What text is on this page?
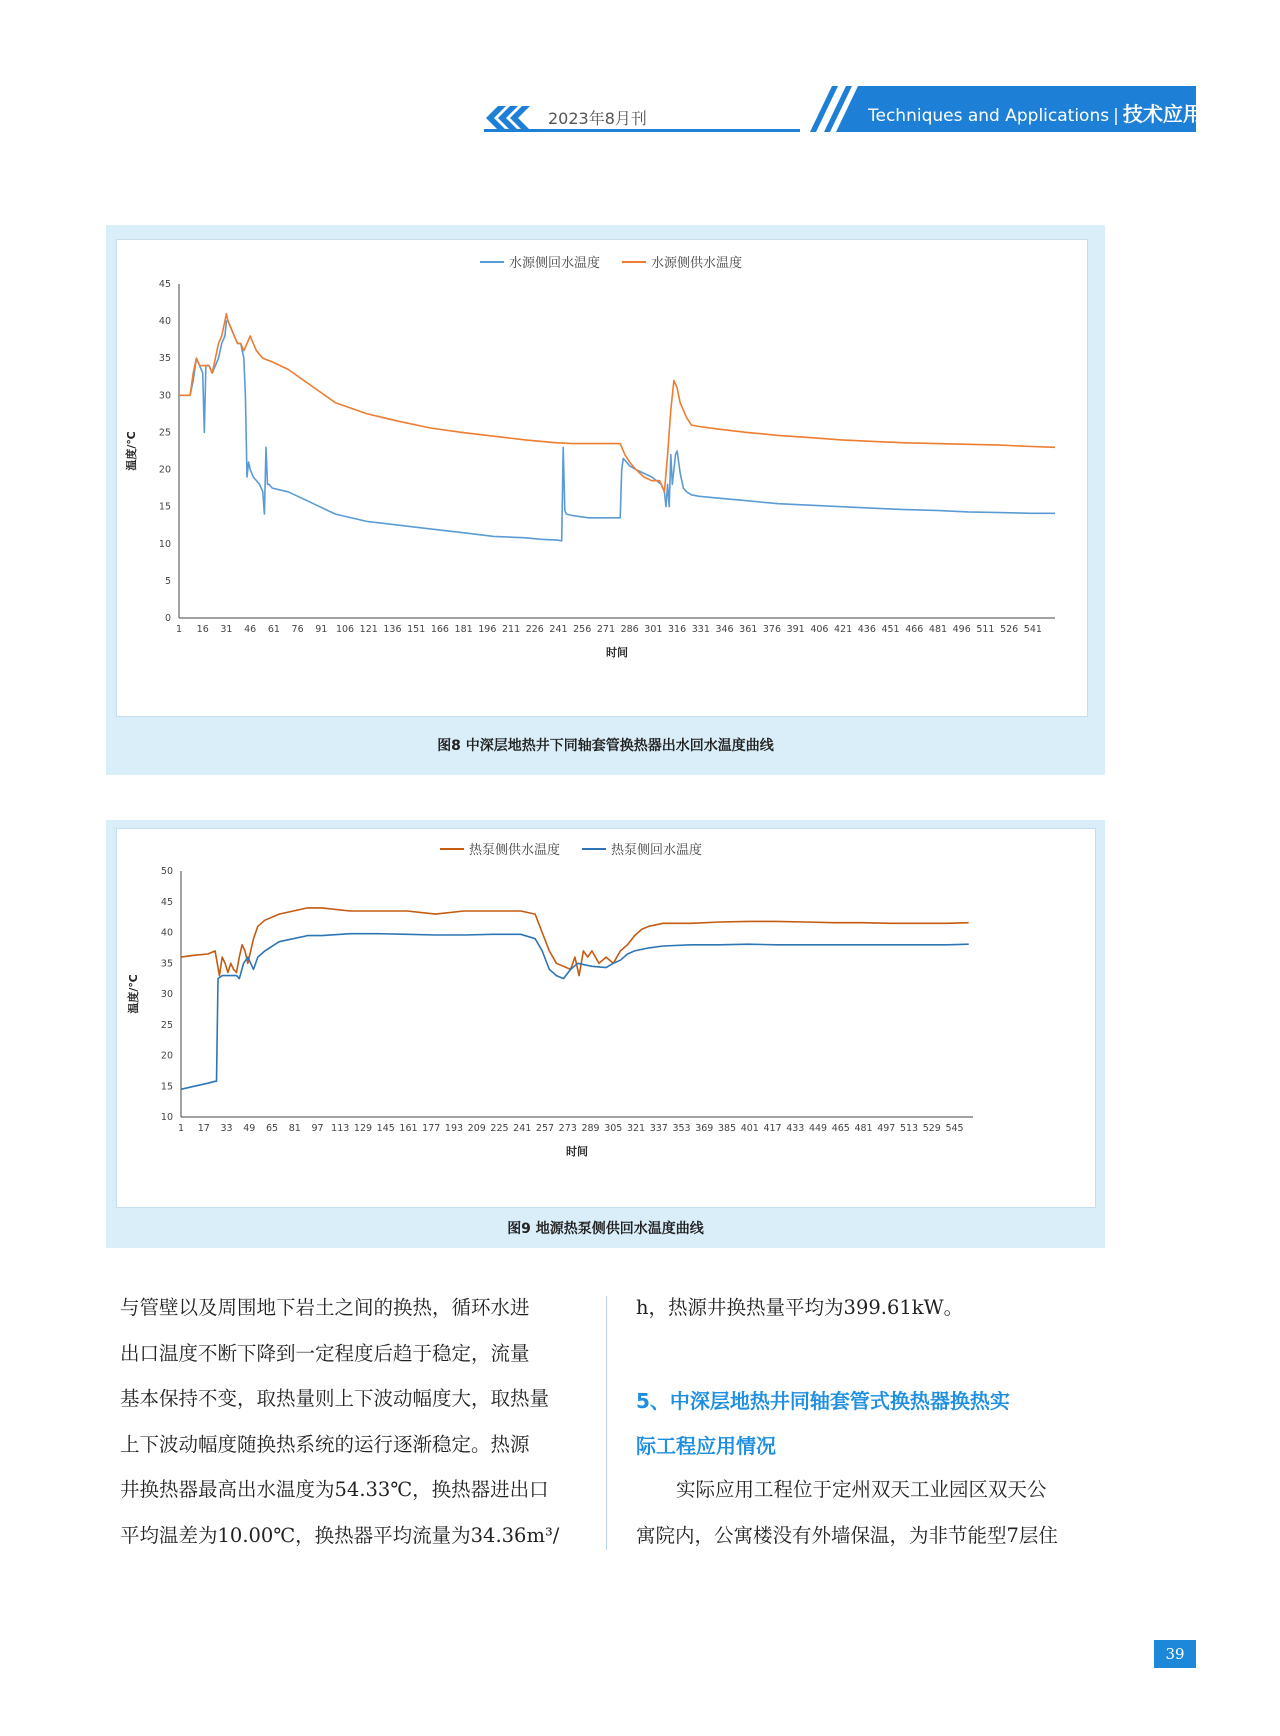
2023年8月刊	Techniques and Applications | 技术应用
0
5
10
15
20
25
30
35
40
45
1 16 31 46 61 76 91 106 121 136 151 166 181 196 211 226 241 256 271 286 301 316 331 346 361 376 391 406 421 436 451 466 481 496 511 526 541
时间
温度/℃
水源侧回水温度	水源侧供水温度
图8 中深层地热井下同轴套管换热器出水回水温度曲线
10
15
20
25
30
35
40
45
50
1 17 33 49 65 81 97 113 129 145 161 177 193 209 225 241 257 273 289 305 321 337 353 369 385 401 417 433 449 465 481 497 513 529 545
时间
温度/℃
热泵侧供水温度	热泵侧回水温度
图9 地源热泵侧供回水温度曲线

与管壁以及周围地下岩土之间的换热，循环水进

出口温度不断下降到一定程度后趋于稳定，流量

基本保持不变，取热量则上下波动幅度大，取热量

上下波动幅度随换热系统的运行逐渐稳定。热源

井换热器最高出水温度为54.33℃，换热器进出口

平均温差为10.00℃，换热器平均流量为34.36m³/

h，热源井换热量平均为399.61kW。

5、中深层地热井同轴套管式换热器换热实
际工程应用情况

实际应用工程位于定州双天工业园区双天公

寓院内，公寓楼没有外墙保温，为非节能型7层住

39
